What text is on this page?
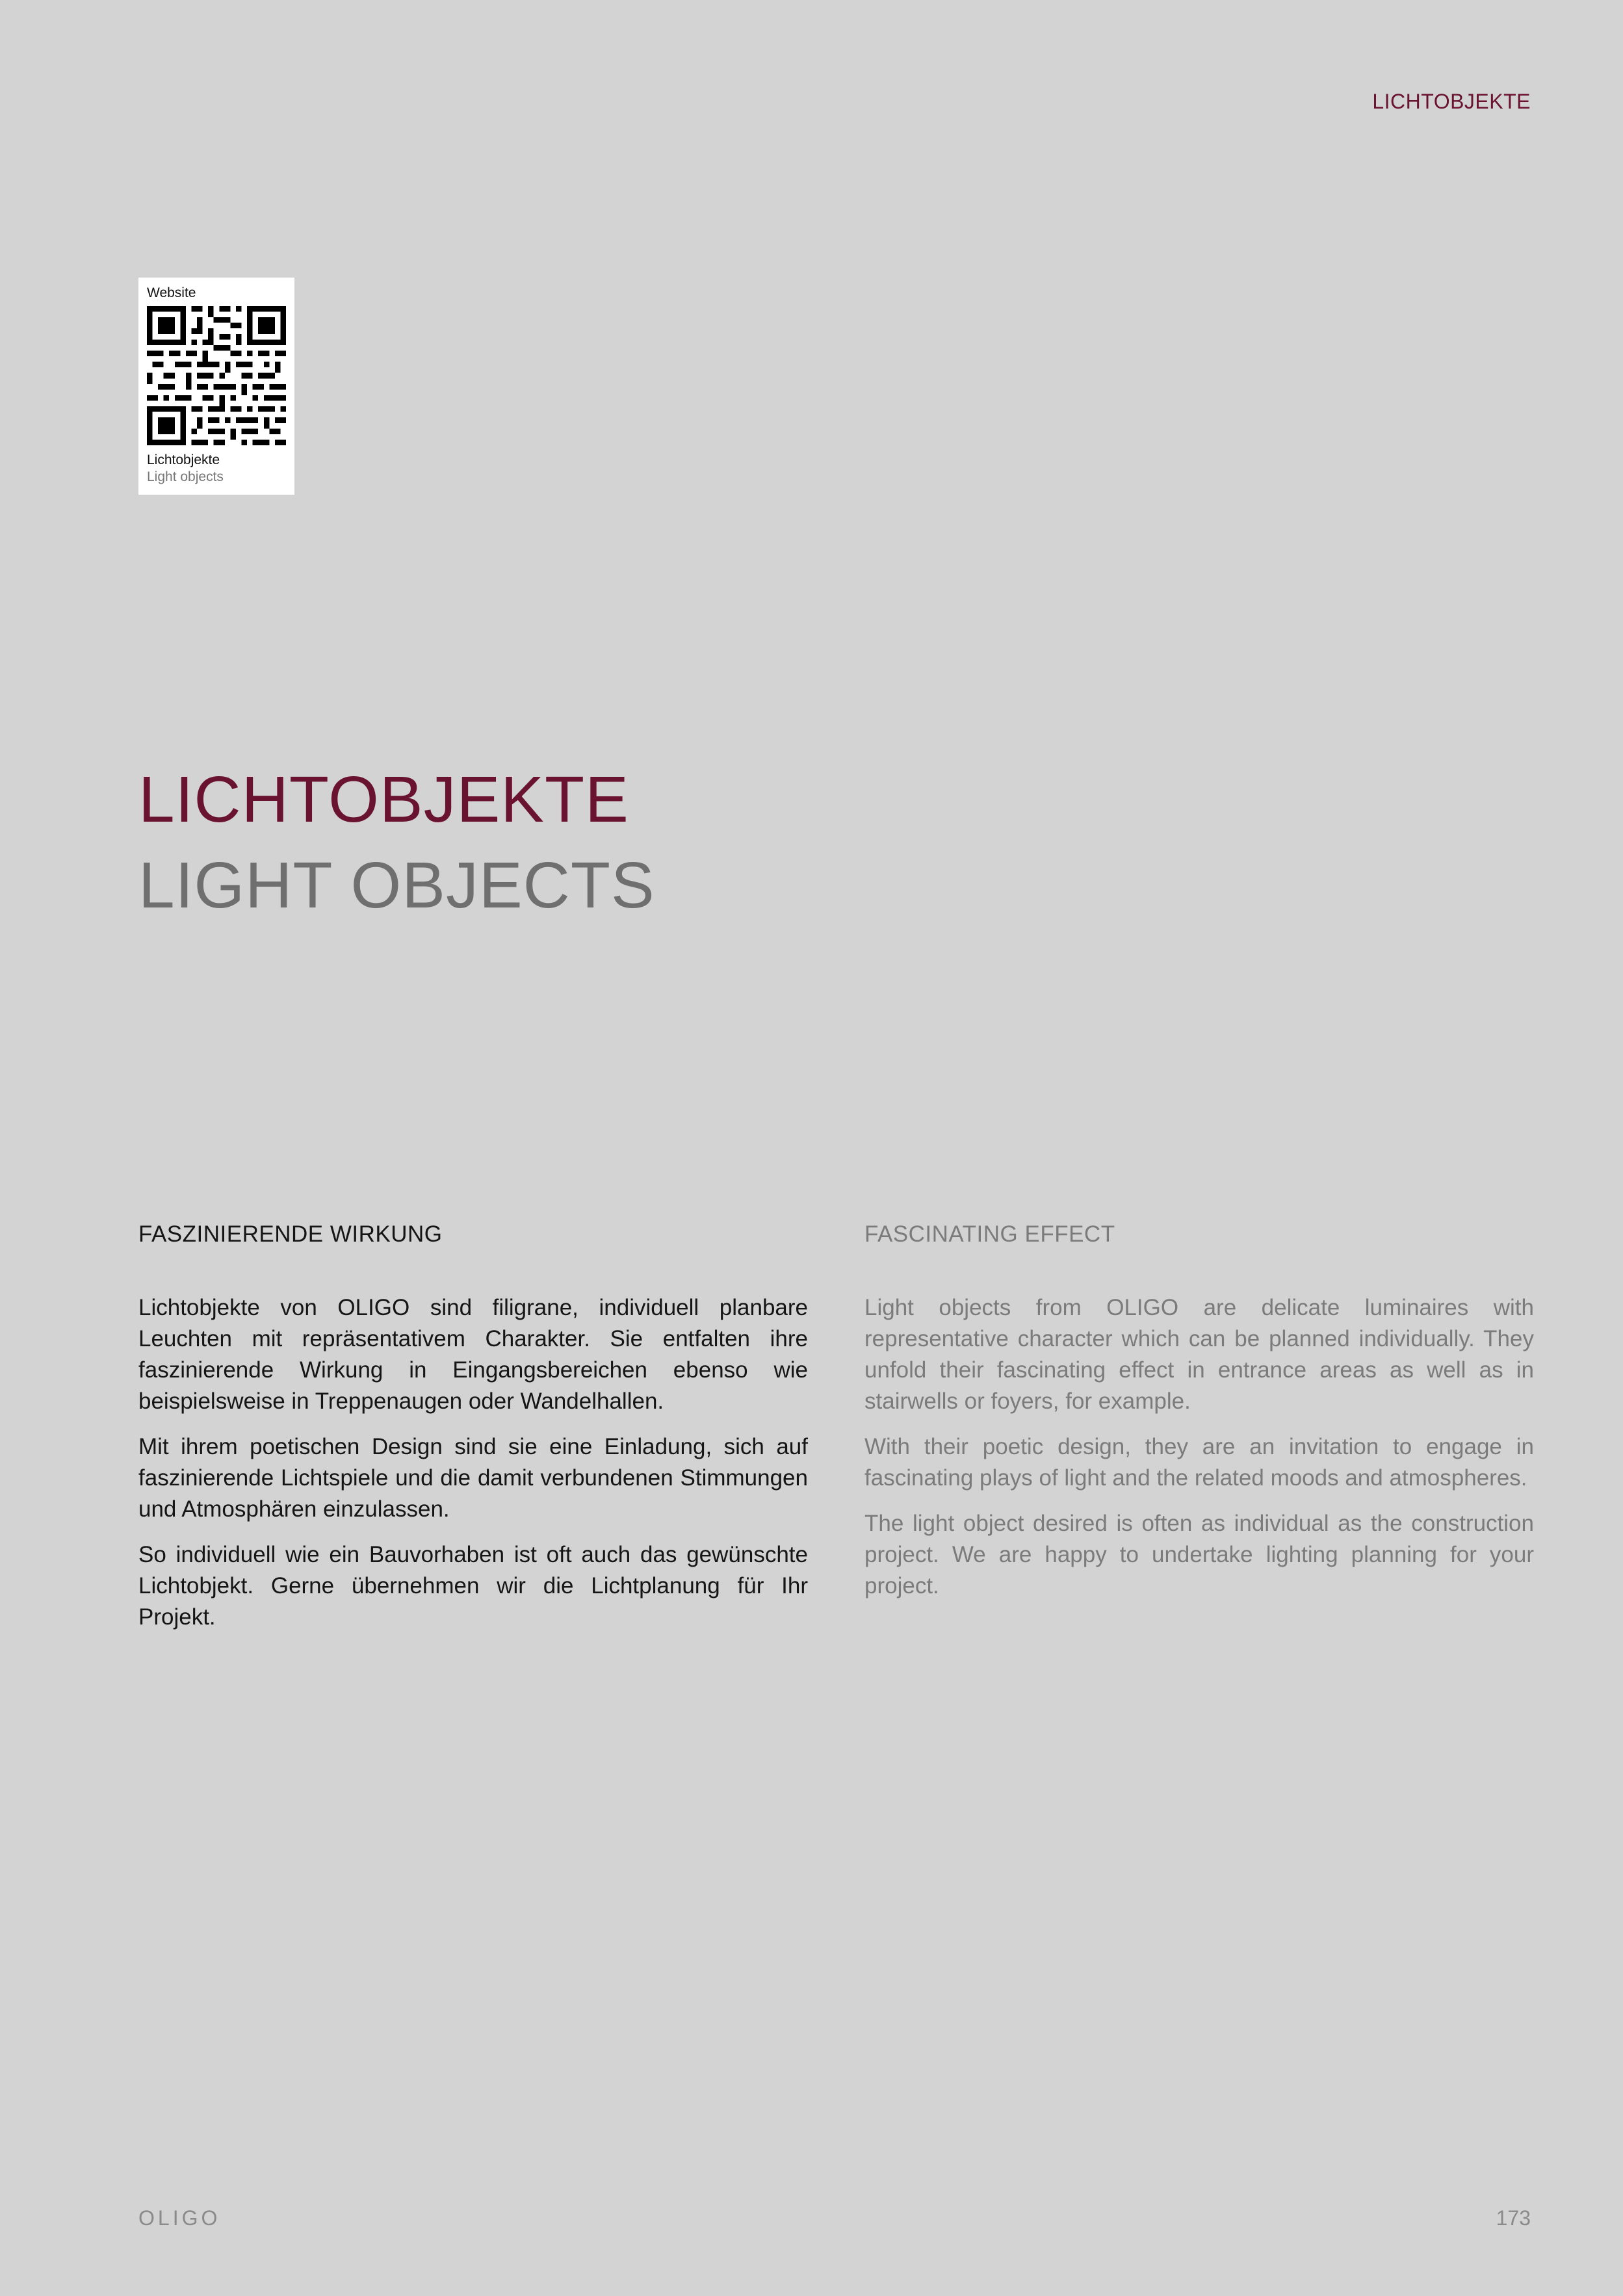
LICHTOBJEKTE
Website
Lichtobjekte
Light objects
LICHTOBJEKTE
LIGHT OBJECTS
FASZINIERENDE WIRKUNG

Lichtobjekte von OLIGO sind filigrane, individuell planbare Leuchten mit repräsentativem Charakter. Sie entfalten ihre faszinierende Wirkung in Eingangsbereichen ebenso wie beispielsweise in Treppenaugen oder Wandelhallen.

Mit ihrem poetischen Design sind sie eine Einladung, sich auf faszinierende Lichtspiele und die damit verbundenen Stimmungen und Atmosphären einzulassen.

So individuell wie ein Bauvorhaben ist oft auch das gewünschte Lichtobjekt. Gerne übernehmen wir die Lichtplanung für Ihr Projekt.

FASCINATING EFFECT

Light objects from OLIGO are delicate luminaires with representative character which can be planned individually. They unfold their fascinating effect in entrance areas as well as in stairwells or foyers, for example.

With their poetic design, they are an invitation to engage in fascinating plays of light and the related moods and atmospheres.

The light object desired is often as individual as the construction project. We are happy to undertake lighting planning for your project.

OLIGO	173
